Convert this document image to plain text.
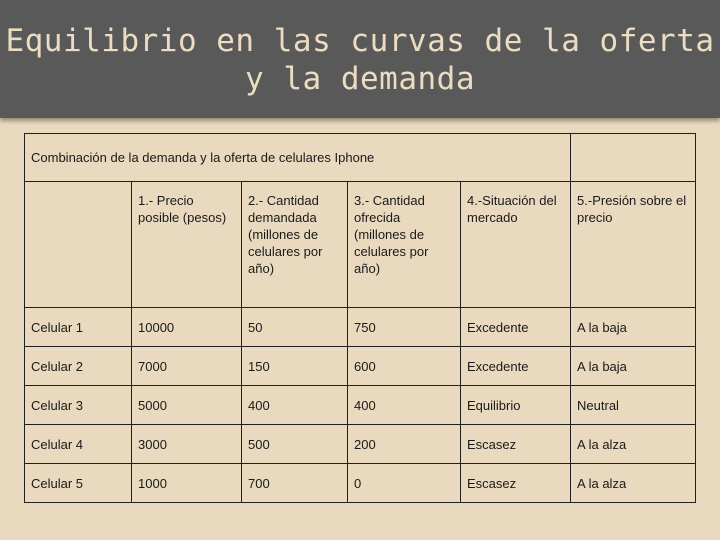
Equilibrio en las curvas de la oferta
y la demanda
Combinación de la demanda y la oferta de celulares Iphone					
	1.- Precio posible (pesos)	2.- Cantidad demandada (millones de celulares por año)	3.- Cantidad ofrecida (millones de celulares por año)	4.-Situación del mercado	5.-Presión sobre el precio
Celular 1	10000	50	750	Excedente	A la baja
Celular 2	7000	150	600	Excedente	A la baja
Celular 3	5000	400	400	Equilibrio	Neutral
Celular 4	3000	500	200	Escasez	A la alza
Celular 5	1000	700	0	Escasez	A la alza
